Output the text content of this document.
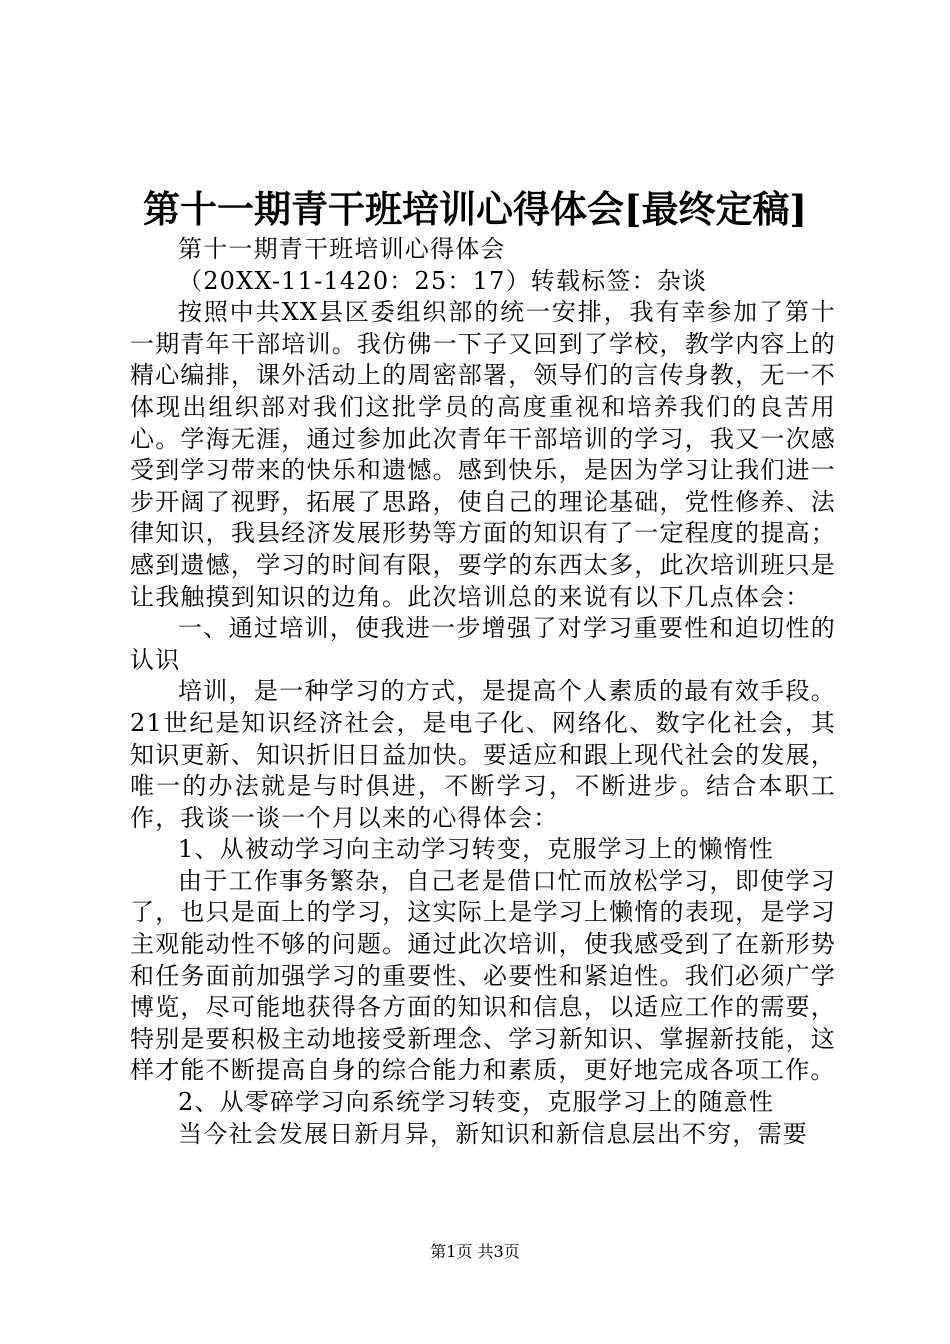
第十一期青干班培训心得体会[最终定稿]

第十一期青干班培训心得体会

（20XX-11-1420：25：17）转载标签：杂谈

按照中共XX县区委组织部的统一安排，我有幸参加了第十一期青年干部培训。我仿佛一下子又回到了学校，教学内容上的精心编排，课外活动上的周密部署，领导们的言传身教，无一不体现出组织部对我们这批学员的高度重视和培养我们的良苦用心。学海无涯，通过参加此次青年干部培训的学习，我又一次感受到学习带来的快乐和遗憾。感到快乐，是因为学习让我们进一步开阔了视野，拓展了思路，使自己的理论基础，党性修养、法律知识，我县经济发展形势等方面的知识有了一定程度的提高；感到遗憾，学习的时间有限，要学的东西太多，此次培训班只是让我触摸到知识的边角。此次培训总的来说有以下几点体会：

一、通过培训，使我进一步增强了对学习重要性和迫切性的认识

培训，是一种学习的方式，是提高个人素质的最有效手段。21世纪是知识经济社会，是电子化、网络化、数字化社会，其知识更新、知识折旧日益加快。要适应和跟上现代社会的发展，唯一的办法就是与时俱进，不断学习，不断进步。结合本职工作，我谈一谈一个月以来的心得体会：

1、从被动学习向主动学习转变，克服学习上的懒惰性

由于工作事务繁杂，自己老是借口忙而放松学习，即使学习了，也只是面上的学习，这实际上是学习上懒惰的表现，是学习主观能动性不够的问题。通过此次培训，使我感受到了在新形势和任务面前加强学习的重要性、必要性和紧迫性。我们必须广学博览，尽可能地获得各方面的知识和信息，以适应工作的需要，特别是要积极主动地接受新理念、学习新知识、掌握新技能，这样才能不断提高自身的综合能力和素质，更好地完成各项工作。

2、从零碎学习向系统学习转变，克服学习上的随意性

当今社会发展日新月异，新知识和新信息层出不穷，需要

第1页 共3页
